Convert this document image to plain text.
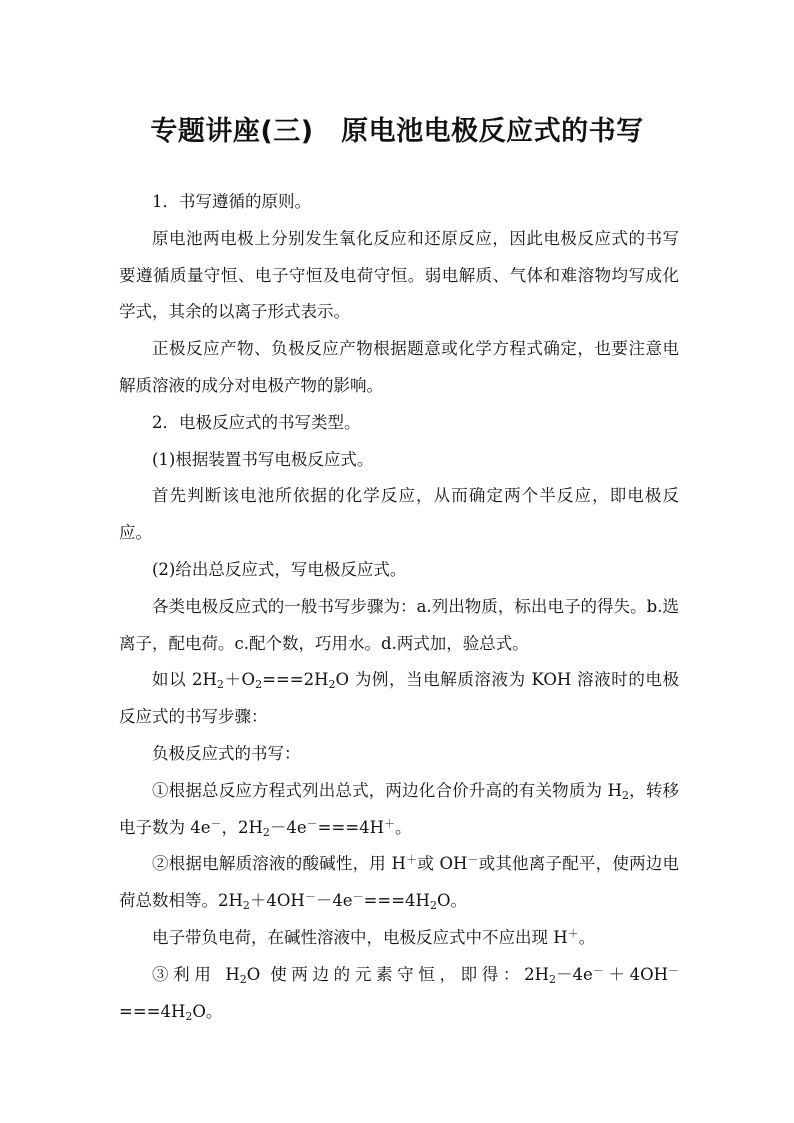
专题讲座(三)　原电池电极反应式的书写

1．书写遵循的原则。

原电池两电极上分别发生氧化反应和还原反应，因此电极反应式的书写要遵循质量守恒、电子守恒及电荷守恒。弱电解质、气体和难溶物均写成化学式，其余的以离子形式表示。

正极反应产物、负极反应产物根据题意或化学方程式确定，也要注意电解质溶液的成分对电极产物的影响。

2．电极反应式的书写类型。

(1)根据装置书写电极反应式。

首先判断该电池所依据的化学反应，从而确定两个半反应，即电极反应。

(2)给出总反应式，写电极反应式。

各类电极反应式的一般书写步骤为：a.列出物质，标出电子的得失。b.选离子，配电荷。c.配个数，巧用水。d.两式加，验总式。

如以 $2H_2+O_2===2H_2O$ 为例，当电解质溶液为 KOH 溶液时的电极反应式的书写步骤：

负极反应式的书写：

①根据总反应方程式列出总式，两边化合价升高的有关物质为 $H_2$，转移电子数为 4e－，$2H_2-4e^-===4H^+$。

②根据电解质溶液的酸碱性，用 H＋或 OH－或其他离子配平，使两边电荷总数相等。$2H_2+4OH^--4e^-===4H_2O$。

电子带负电荷，在碱性溶液中，电极反应式中不应出现 H＋。

③利用 $H_2O$ 使两边的元素守恒，即得：$2H_2-4e^-+4OH^-===4H_2O$。
